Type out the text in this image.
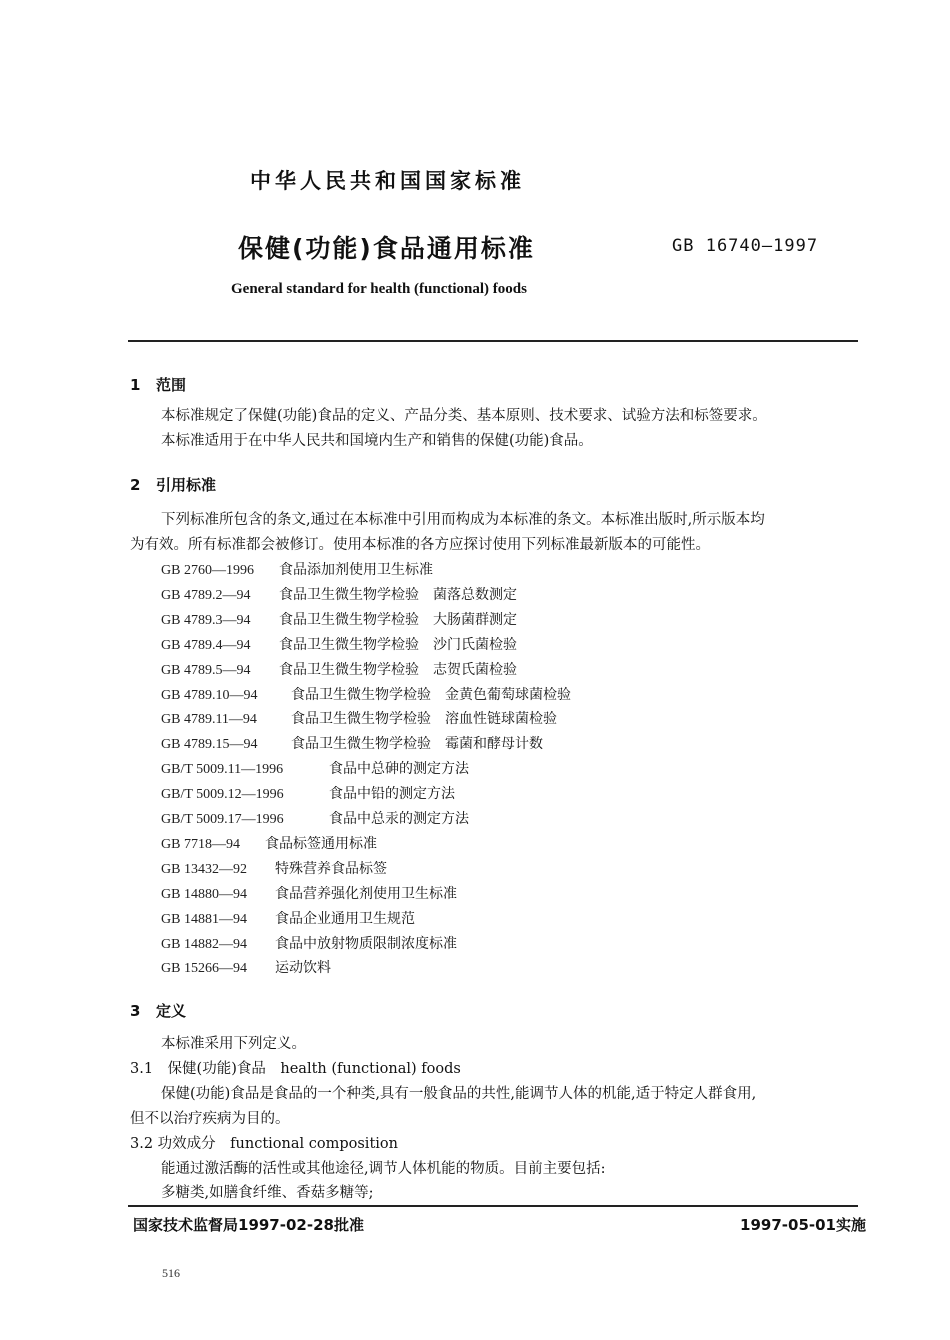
中华人民共和国国家标准
保健(功能)食品通用标准	GB 16740—1997
General standard for health (functional) foods
1 范围
本标准规定了保健(功能)食品的定义、产品分类、基本原则、技术要求、试验方法和标签要求。
本标准适用于在中华人民共和国境内生产和销售的保健(功能)食品。
2 引用标准
下列标准所包含的条文,通过在本标准中引用而构成为本标准的条文。本标准出版时,所示版本均
为有效。所有标准都会被修订。使用本标准的各方应探讨使用下列标准最新版本的可能性。
GB 2760—1996 食品添加剂使用卫生标准
GB 4789.2—94 食品卫生微生物学检验　菌落总数测定
GB 4789.3—94 食品卫生微生物学检验　大肠菌群测定
GB 4789.4—94 食品卫生微生物学检验　沙门氏菌检验
GB 4789.5—94 食品卫生微生物学检验　志贺氏菌检验
GB 4789.10—94 食品卫生微生物学检验　金黄色葡萄球菌检验
GB 4789.11—94 食品卫生微生物学检验　溶血性链球菌检验
GB 4789.15—94 食品卫生微生物学检验　霉菌和酵母计数
GB/T 5009.11—1996	食品中总砷的测定方法
GB/T 5009.12—1996	食品中铅的测定方法
GB/T 5009.17—1996	食品中总汞的测定方法
GB 7718—94 食品标签通用标准
GB 13432—92 特殊营养食品标签
GB 14880—94 食品营养强化剂使用卫生标准
GB 14881—94 食品企业通用卫生规范
GB 14882—94 食品中放射物质限制浓度标准
GB 15266—94 运动饮料
3 定义
本标准采用下列定义。
3.1　保健(功能)食品　health (functional) foods
保健(功能)食品是食品的一个种类,具有一般食品的共性,能调节人体的机能,适于特定人群食用,
但不以治疗疾病为目的。
3.2 功效成分　functional composition
能通过激活酶的活性或其他途径,调节人体机能的物质。目前主要包括:
多糖类,如膳食纤维、香菇多糖等;
国家技术监督局1997-02-28批准	1997-05-01实施
516
